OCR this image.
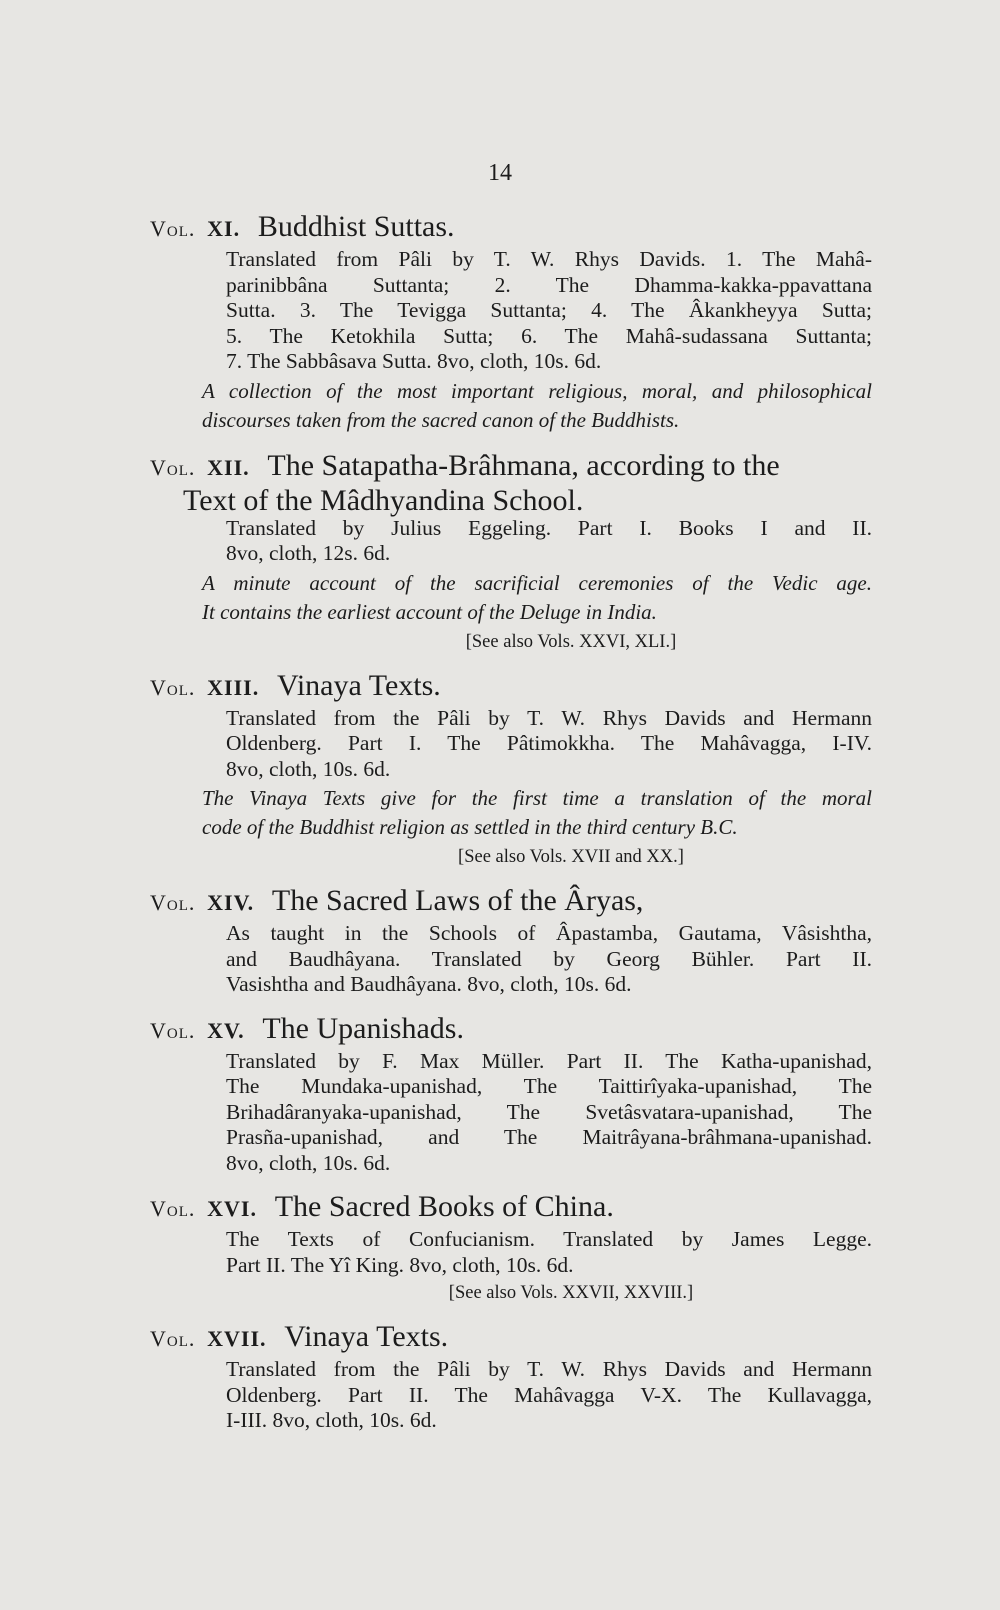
14
Vol. XI. Buddhist Suttas.
Translated from Pâli by T. W. Rhys Davids. 1. The Mahâ-
parinibbâna Suttanta; 2. The Dhamma-kakka-ppavattana
Sutta. 3. The Tevigga Suttanta; 4. The Âkankheyya Sutta;
5. The Ketokhila Sutta; 6. The Mahâ-sudassana Suttanta;
7. The Sabbâsava Sutta. 8vo, cloth, 10s. 6d.
A collection of the most important religious, moral, and philosophical
discourses taken from the sacred canon of the Buddhists.
Vol. XII. The Satapatha-Brâhmana, according to the
Text of the Mâdhyandina School.
Translated by Julius Eggeling. Part I. Books I and II.
8vo, cloth, 12s. 6d.
A minute account of the sacrificial ceremonies of the Vedic age.
It contains the earliest account of the Deluge in India.
[See also Vols. XXVI, XLI.]
Vol. XIII. Vinaya Texts.
Translated from the Pâli by T. W. Rhys Davids and Hermann
Oldenberg. Part I. The Pâtimokkha. The Mahâvagga, I-IV.
8vo, cloth, 10s. 6d.
The Vinaya Texts give for the first time a translation of the moral
code of the Buddhist religion as settled in the third century B.C.
[See also Vols. XVII and XX.]
Vol. XIV. The Sacred Laws of the Âryas,
As taught in the Schools of Âpastamba, Gautama, Vâsishtha,
and Baudhâyana. Translated by Georg Bühler. Part II.
Vasishtha and Baudhâyana. 8vo, cloth, 10s. 6d.
Vol. XV. The Upanishads.
Translated by F. Max Müller. Part II. The Katha-upanishad,
The Mundaka-upanishad, The Taittirîyaka-upanishad, The
Brihadâranyaka-upanishad, The Svetâsvatara-upanishad, The
Prasña-upanishad, and The Maitrâyana-brâhmana-upanishad.
8vo, cloth, 10s. 6d.
Vol. XVI. The Sacred Books of China.
The Texts of Confucianism. Translated by James Legge.
Part II. The Yî King. 8vo, cloth, 10s. 6d.
[See also Vols. XXVII, XXVIII.]
Vol. XVII. Vinaya Texts.
Translated from the Pâli by T. W. Rhys Davids and Hermann
Oldenberg. Part II. The Mahâvagga V-X. The Kullavagga,
I-III. 8vo, cloth, 10s. 6d.
